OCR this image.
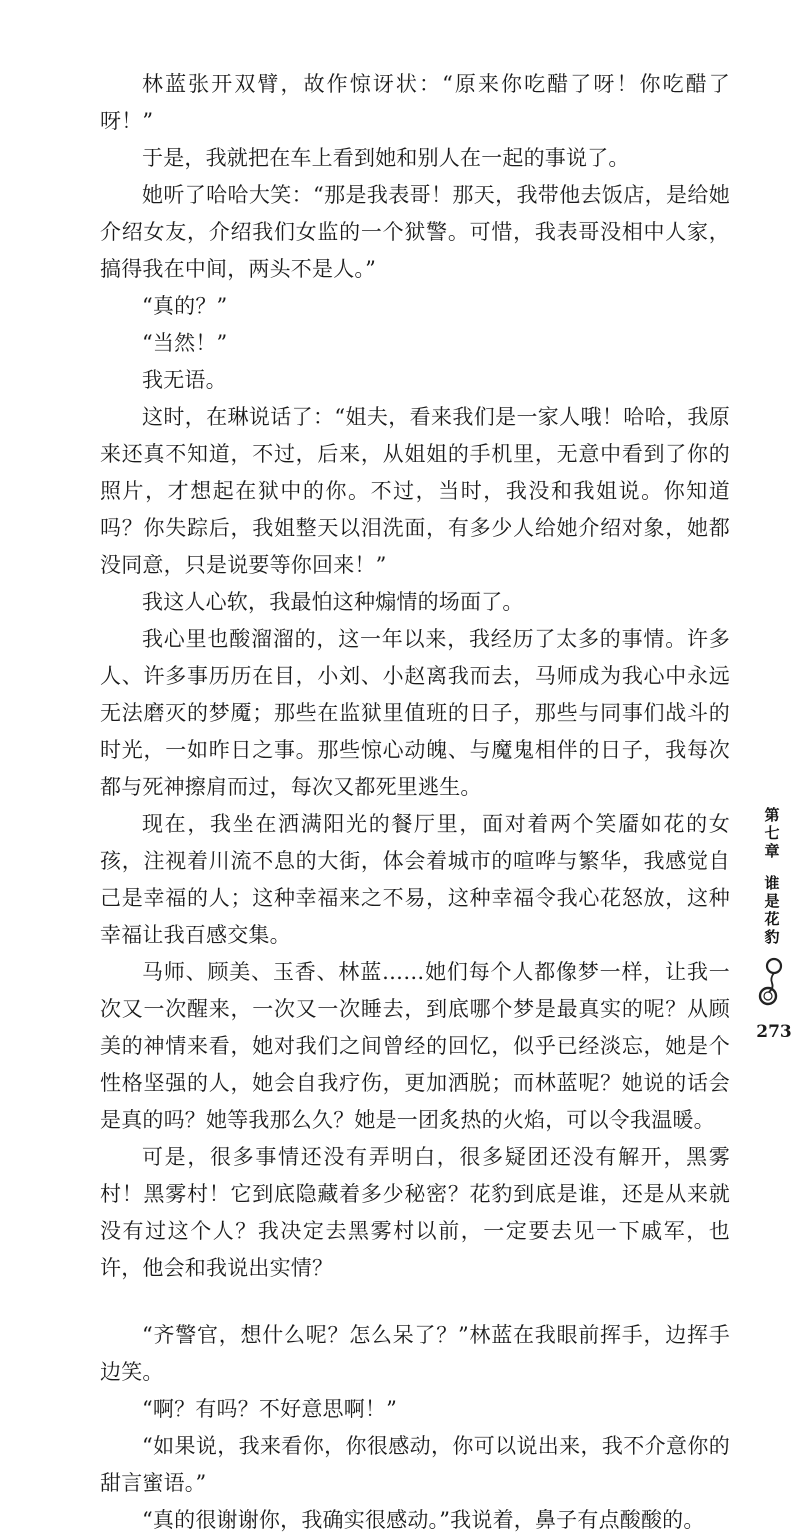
林蓝张开双臂，故作惊讶状：“原来你吃醋了呀！你吃醋了呀！”

于是，我就把在车上看到她和别人在一起的事说了。

她听了哈哈大笑：“那是我表哥！那天，我带他去饭店，是给她介绍女友，介绍我们女监的一个狱警。可惜，我表哥没相中人家，搞得我在中间，两头不是人。”

“真的？”

“当然！”

我无语。

这时，在琳说话了：“姐夫，看来我们是一家人哦！哈哈，我原来还真不知道，不过，后来，从姐姐的手机里，无意中看到了你的照片，才想起在狱中的你。不过，当时，我没和我姐说。你知道吗？你失踪后，我姐整天以泪洗面，有多少人给她介绍对象，她都没同意，只是说要等你回来！”

我这人心软，我最怕这种煽情的场面了。

我心里也酸溜溜的，这一年以来，我经历了太多的事情。许多人、许多事历历在目，小刘、小赵离我而去，马师成为我心中永远无法磨灭的梦魇；那些在监狱里值班的日子，那些与同事们战斗的时光，一如昨日之事。那些惊心动魄、与魔鬼相伴的日子，我每次都与死神擦肩而过，每次又都死里逃生。

现在，我坐在洒满阳光的餐厅里，面对着两个笑靥如花的女孩，注视着川流不息的大街，体会着城市的喧哗与繁华，我感觉自己是幸福的人；这种幸福来之不易，这种幸福令我心花怒放，这种幸福让我百感交集。

马师、顾美、玉香、林蓝……她们每个人都像梦一样，让我一次又一次醒来，一次又一次睡去，到底哪个梦是最真实的呢？从顾美的神情来看，她对我们之间曾经的回忆，似乎已经淡忘，她是个性格坚强的人，她会自我疗伤，更加洒脱；而林蓝呢？她说的话会是真的吗？她等我那么久？她是一团炙热的火焰，可以令我温暖。

可是，很多事情还没有弄明白，很多疑团还没有解开，黑雾村！黑雾村！它到底隐藏着多少秘密？花豹到底是谁，还是从来就没有过这个人？我决定去黑雾村以前，一定要去见一下戚军，也许，他会和我说出实情？

“齐警官，想什么呢？怎么呆了？”林蓝在我眼前挥手，边挥手边笑。

“啊？有吗？不好意思啊！”

“如果说，我来看你，你很感动，你可以说出来，我不介意你的甜言蜜语。”

“真的很谢谢你，我确实很感动。”我说着，鼻子有点酸酸的。

第七章
谁是花豹
273
